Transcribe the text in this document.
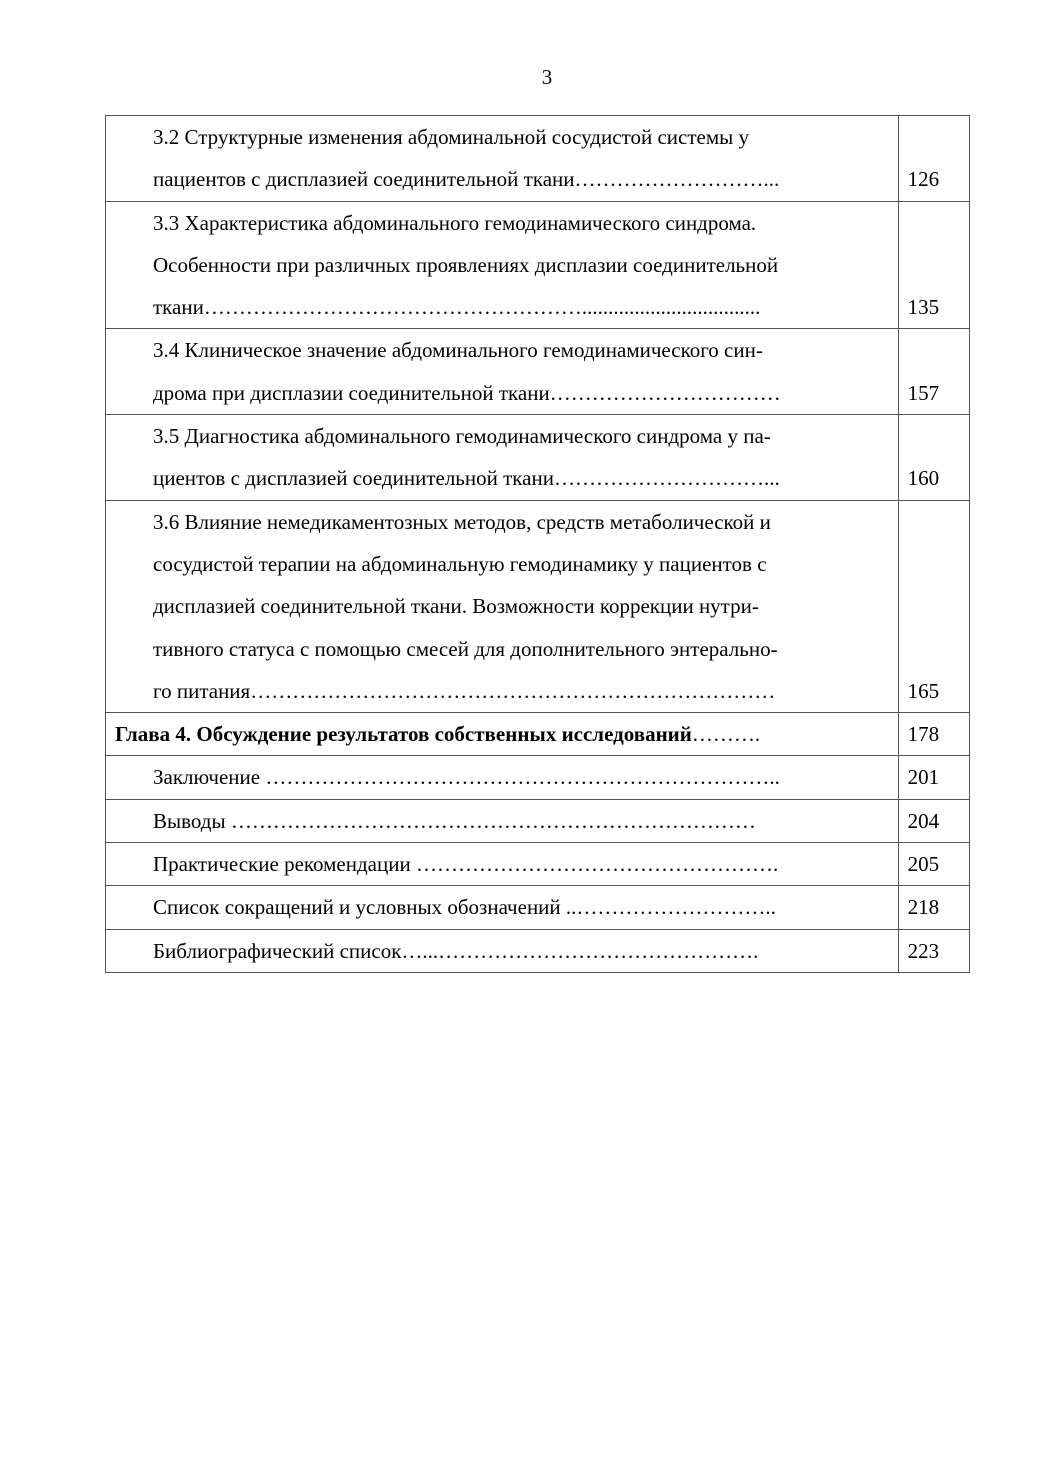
3
3.2 Структурные изменения абдоминальной сосудистой системы у
пациентов с дисплазией соединительной ткани………………………...	126

3.3 Характеристика абдоминального гемодинамического синдрома.
Особенности при различных проявлениях дисплазии соединительной
ткани………………………………………………..................................	135

3.4 Клиническое значение абдоминального гемодинамического син-
дрома при дисплазии соединительной ткани……………………………	157

3.5 Диагностика абдоминального гемодинамического синдрома у па-
циентов с дисплазией соединительной ткани…………………………...	160

3.6 Влияние немедикаментозных методов, средств метаболической и
сосудистой терапии на абдоминальную гемодинамику у пациентов с
дисплазией соединительной ткани. Возможности коррекции нутри-
тивного статуса с помощью смесей для дополнительного энтерально-
го питания…………………………………………………………………	165

Глава 4. Обсуждение результатов собственных исследований……….	178

Заключение ………………………………………………………………..	201

Выводы …………………………………………………………………	204

Практические рекомендации …………………………………………….	205

Список сокращений и условных обозначений ..………………………..	218

Библиографический список…...……………………………………….	223
